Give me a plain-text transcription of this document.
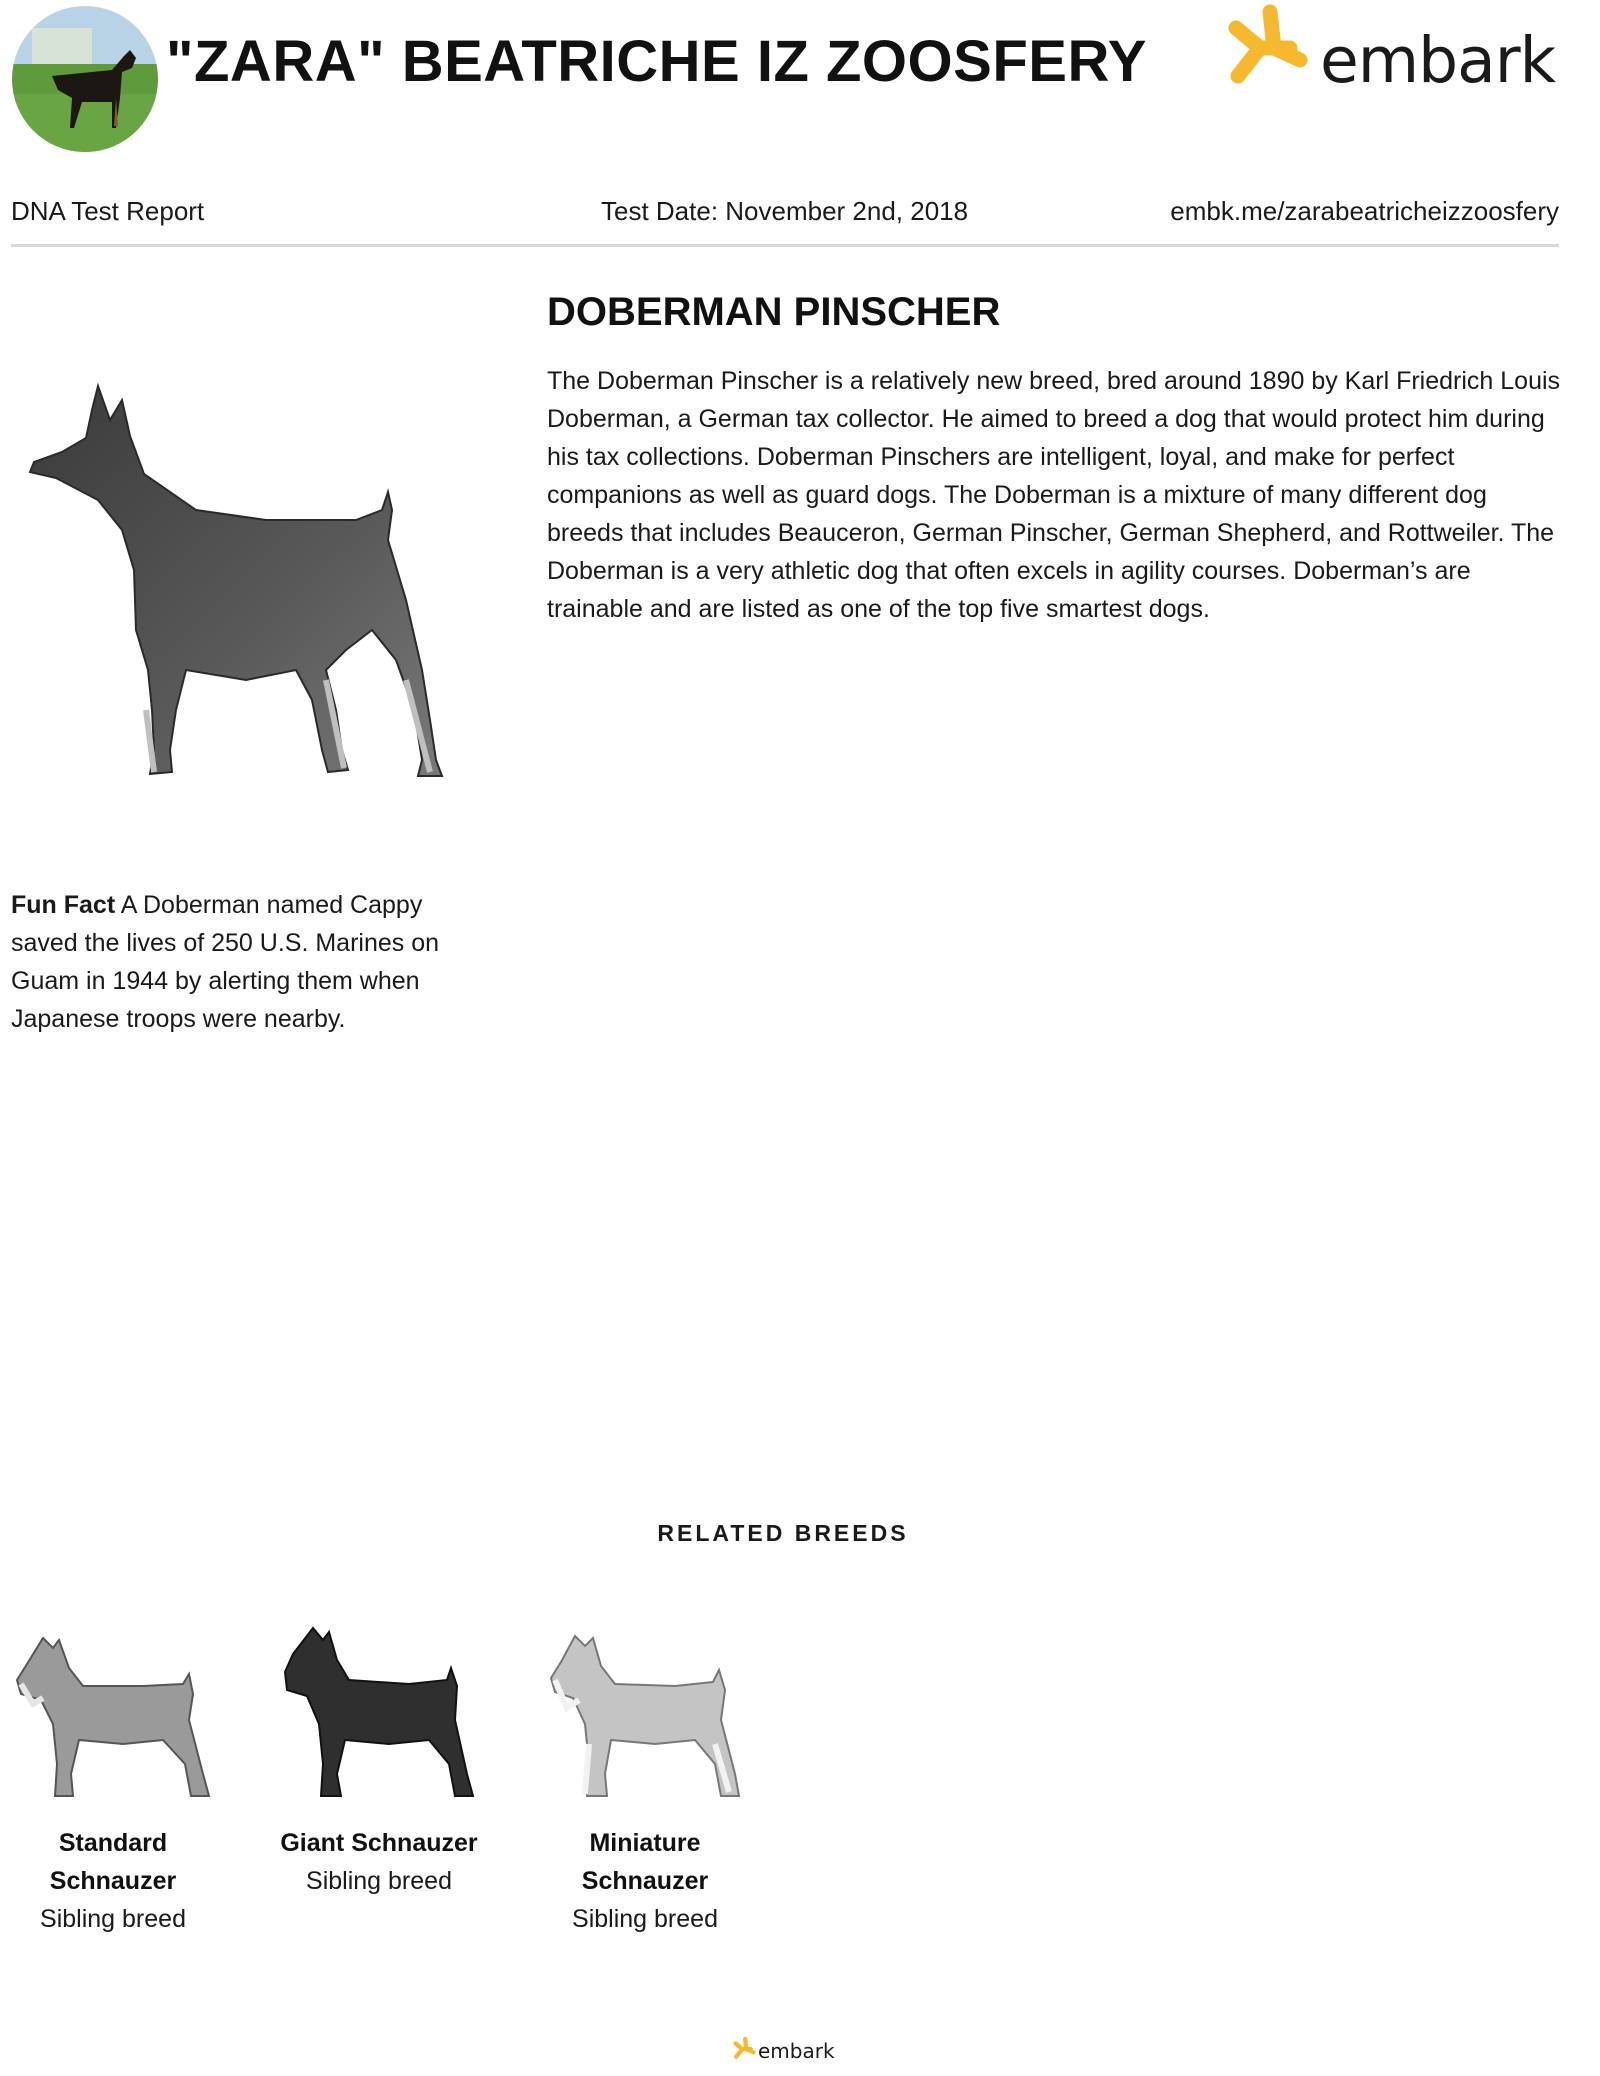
"ZARA" BEATRICHE IZ ZOOSFERY	embark
DNA Test Report	Test Date: November 2nd, 2018	embk.me/zarabeatricheizzoosfery
DOBERMAN PINSCHER

The Doberman Pinscher is a relatively new breed, bred around 1890 by Karl Friedrich Louis Doberman, a German tax collector. He aimed to breed a dog that would protect him during his tax collections. Doberman Pinschers are intelligent, loyal, and make for perfect companions as well as guard dogs. The Doberman is a mixture of many different dog breeds that includes Beauceron, German Pinscher, German Shepherd, and Rottweiler. The Doberman is a very athletic dog that often excels in agility courses. Doberman’s are trainable and are listed as one of the top five smartest dogs.

Fun Fact A Doberman named Cappy saved the lives of 250 U.S. Marines on Guam in 1944 by alerting them when Japanese troops were nearby.

RELATED BREEDS
Standard Schnauzer
Sibling breed
Giant Schnauzer
Sibling breed
Miniature Schnauzer
Sibling breed
embark
